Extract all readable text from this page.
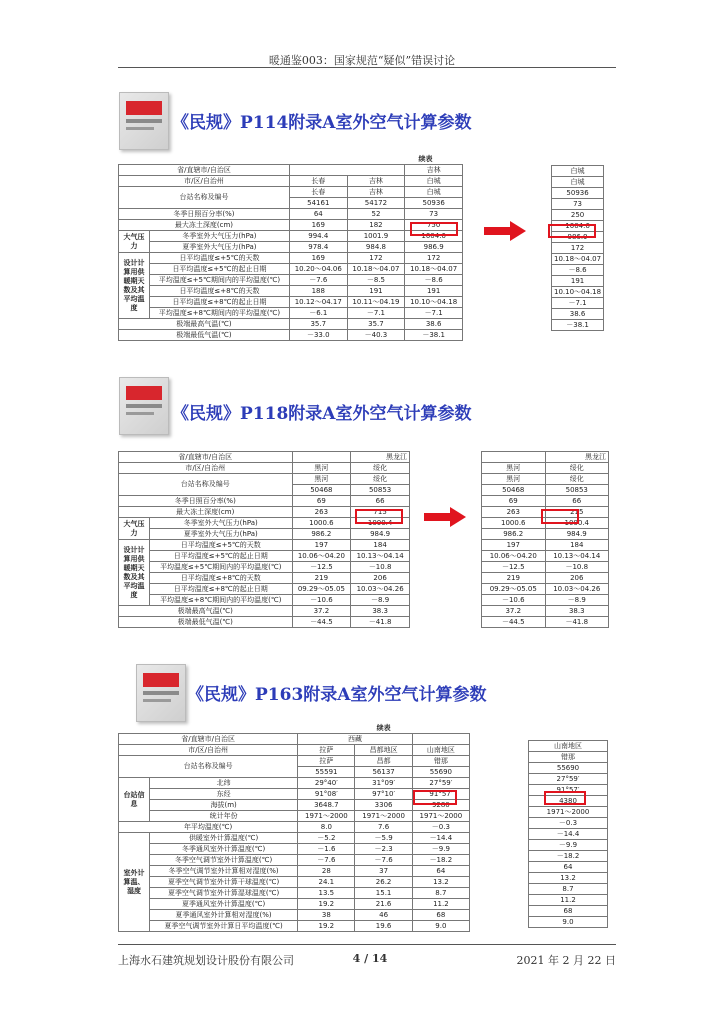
暖通鉴003：国家规范“疑似”错误讨论
上海水石建筑规划设计股份有限公司	4 / 14	2021 年 2 月 22 日
《民规》P114附录A室外空气计算参数
		续表		
省/直辖市/自治区				吉林
市/区/自治州		长春	吉林	白城
台站名称及编号		长春	吉林	白城
		54161	54172	50936
冬季日照百分率(%)		64	52	73
最大冻土深度(cm)		169	182	750
大气压力	冬季室外大气压力(hPa)	994.4	1001.9	1004.6
	夏季室外大气压力(hPa)	978.4	984.8	986.9
设计计算用供暖期天数及其平均温度	日平均温度≤+5℃的天数	169	172	172
	日平均温度≤+5℃的起止日期	10.20～04.06	10.18～04.07	10.18～04.07
	平均温度≤+5℃期间内的平均温度(℃)	－7.6	－8.5	－8.6
	日平均温度≤+8℃的天数	188	191	191
	日平均温度≤+8℃的起止日期	10.12～04.17	10.11～04.19	10.10～04.18
	平均温度≤+8℃期间内的平均温度(℃)	－6.1	－7.1	－7.1
极端最高气温(℃)		35.7	35.7	38.6
极端最低气温(℃)		－33.0	－40.3	－38.1
白城
白城
50936
73
250
1004.6
986.9
172
10.18～04.07
－8.6
191
10.10～04.18
－7.1
38.6
－38.1
《民规》P118附录A室外空气计算参数
省/直辖市/自治区			黑龙江
市/区/自治州		黑河	绥化
台站名称及编号		黑河	绥化
		50468	50853
冬季日照百分率(%)		69	66
最大冻土深度(cm)		263	715
大气压力	冬季室外大气压力(hPa)	1000.6	1000.4
	夏季室外大气压力(hPa)	986.2	984.9
设计计算用供暖期天数及其平均温度	日平均温度≤+5℃的天数	197	184
	日平均温度≤+5℃的起止日期	10.06～04.20	10.13～04.14
	平均温度≤+5℃期间内的平均温度(℃)	－12.5	－10.8
	日平均温度≤+8℃的天数	219	206
	日平均温度≤+8℃的起止日期	09.29～05.05	10.03～04.26
	平均温度≤+8℃期间内的平均温度(℃)	－10.6	－8.9
极端最高气温(℃)		37.2	38.3
极端最低气温(℃)		－44.5	－41.8
	黑龙江
黑河	绥化
黑河	绥化
50468	50853
69	66
263	215
1000.6	1000.4
986.2	984.9
197	184
10.06～04.20	10.13～04.14
－12.5	－10.8
219	206
09.29～05.05	10.03～04.26
－10.6	－8.9
37.2	38.3
－44.5	－41.8
《民规》P163附录A室外空气计算参数
		续表		
省/直辖市/自治区		西藏		
市/区/自治州		拉萨	昌都地区	山南地区
台站名称及编号		拉萨	昌都	错那
		55591	56137	55690
台站信息	北纬	29°40′	31°09′	27°59′
	东经	91°08′	97°10′	91°57′
	海拔(m)	3648.7	3306	9280
	统计年份	1971～2000	1971～2000	1971～2000
年平均温度(℃)		8.0	7.6	－0.3
室外计算温、湿度	供暖室外计算温度(℃)	－5.2	－5.9	－14.4
	冬季通风室外计算温度(℃)	－1.6	－2.3	－9.9
	冬季空气调节室外计算温度(℃)	－7.6	－7.6	－18.2
	冬季空气调节室外计算相对湿度(%)	28	37	64
	夏季空气调节室外计算干球温度(℃)	24.1	26.2	13.2
	夏季空气调节室外计算湿球温度(℃)	13.5	15.1	8.7
	夏季通风室外计算温度(℃)	19.2	21.6	11.2
	夏季通风室外计算相对湿度(%)	38	46	68
	夏季空气调节室外计算日平均温度(℃)	19.2	19.6	9.0
山南地区
错那
55690
27°59′
91°57′
4380
1971～2000
－0.3
－14.4
－9.9
－18.2
64
13.2
8.7
11.2
68
9.0
